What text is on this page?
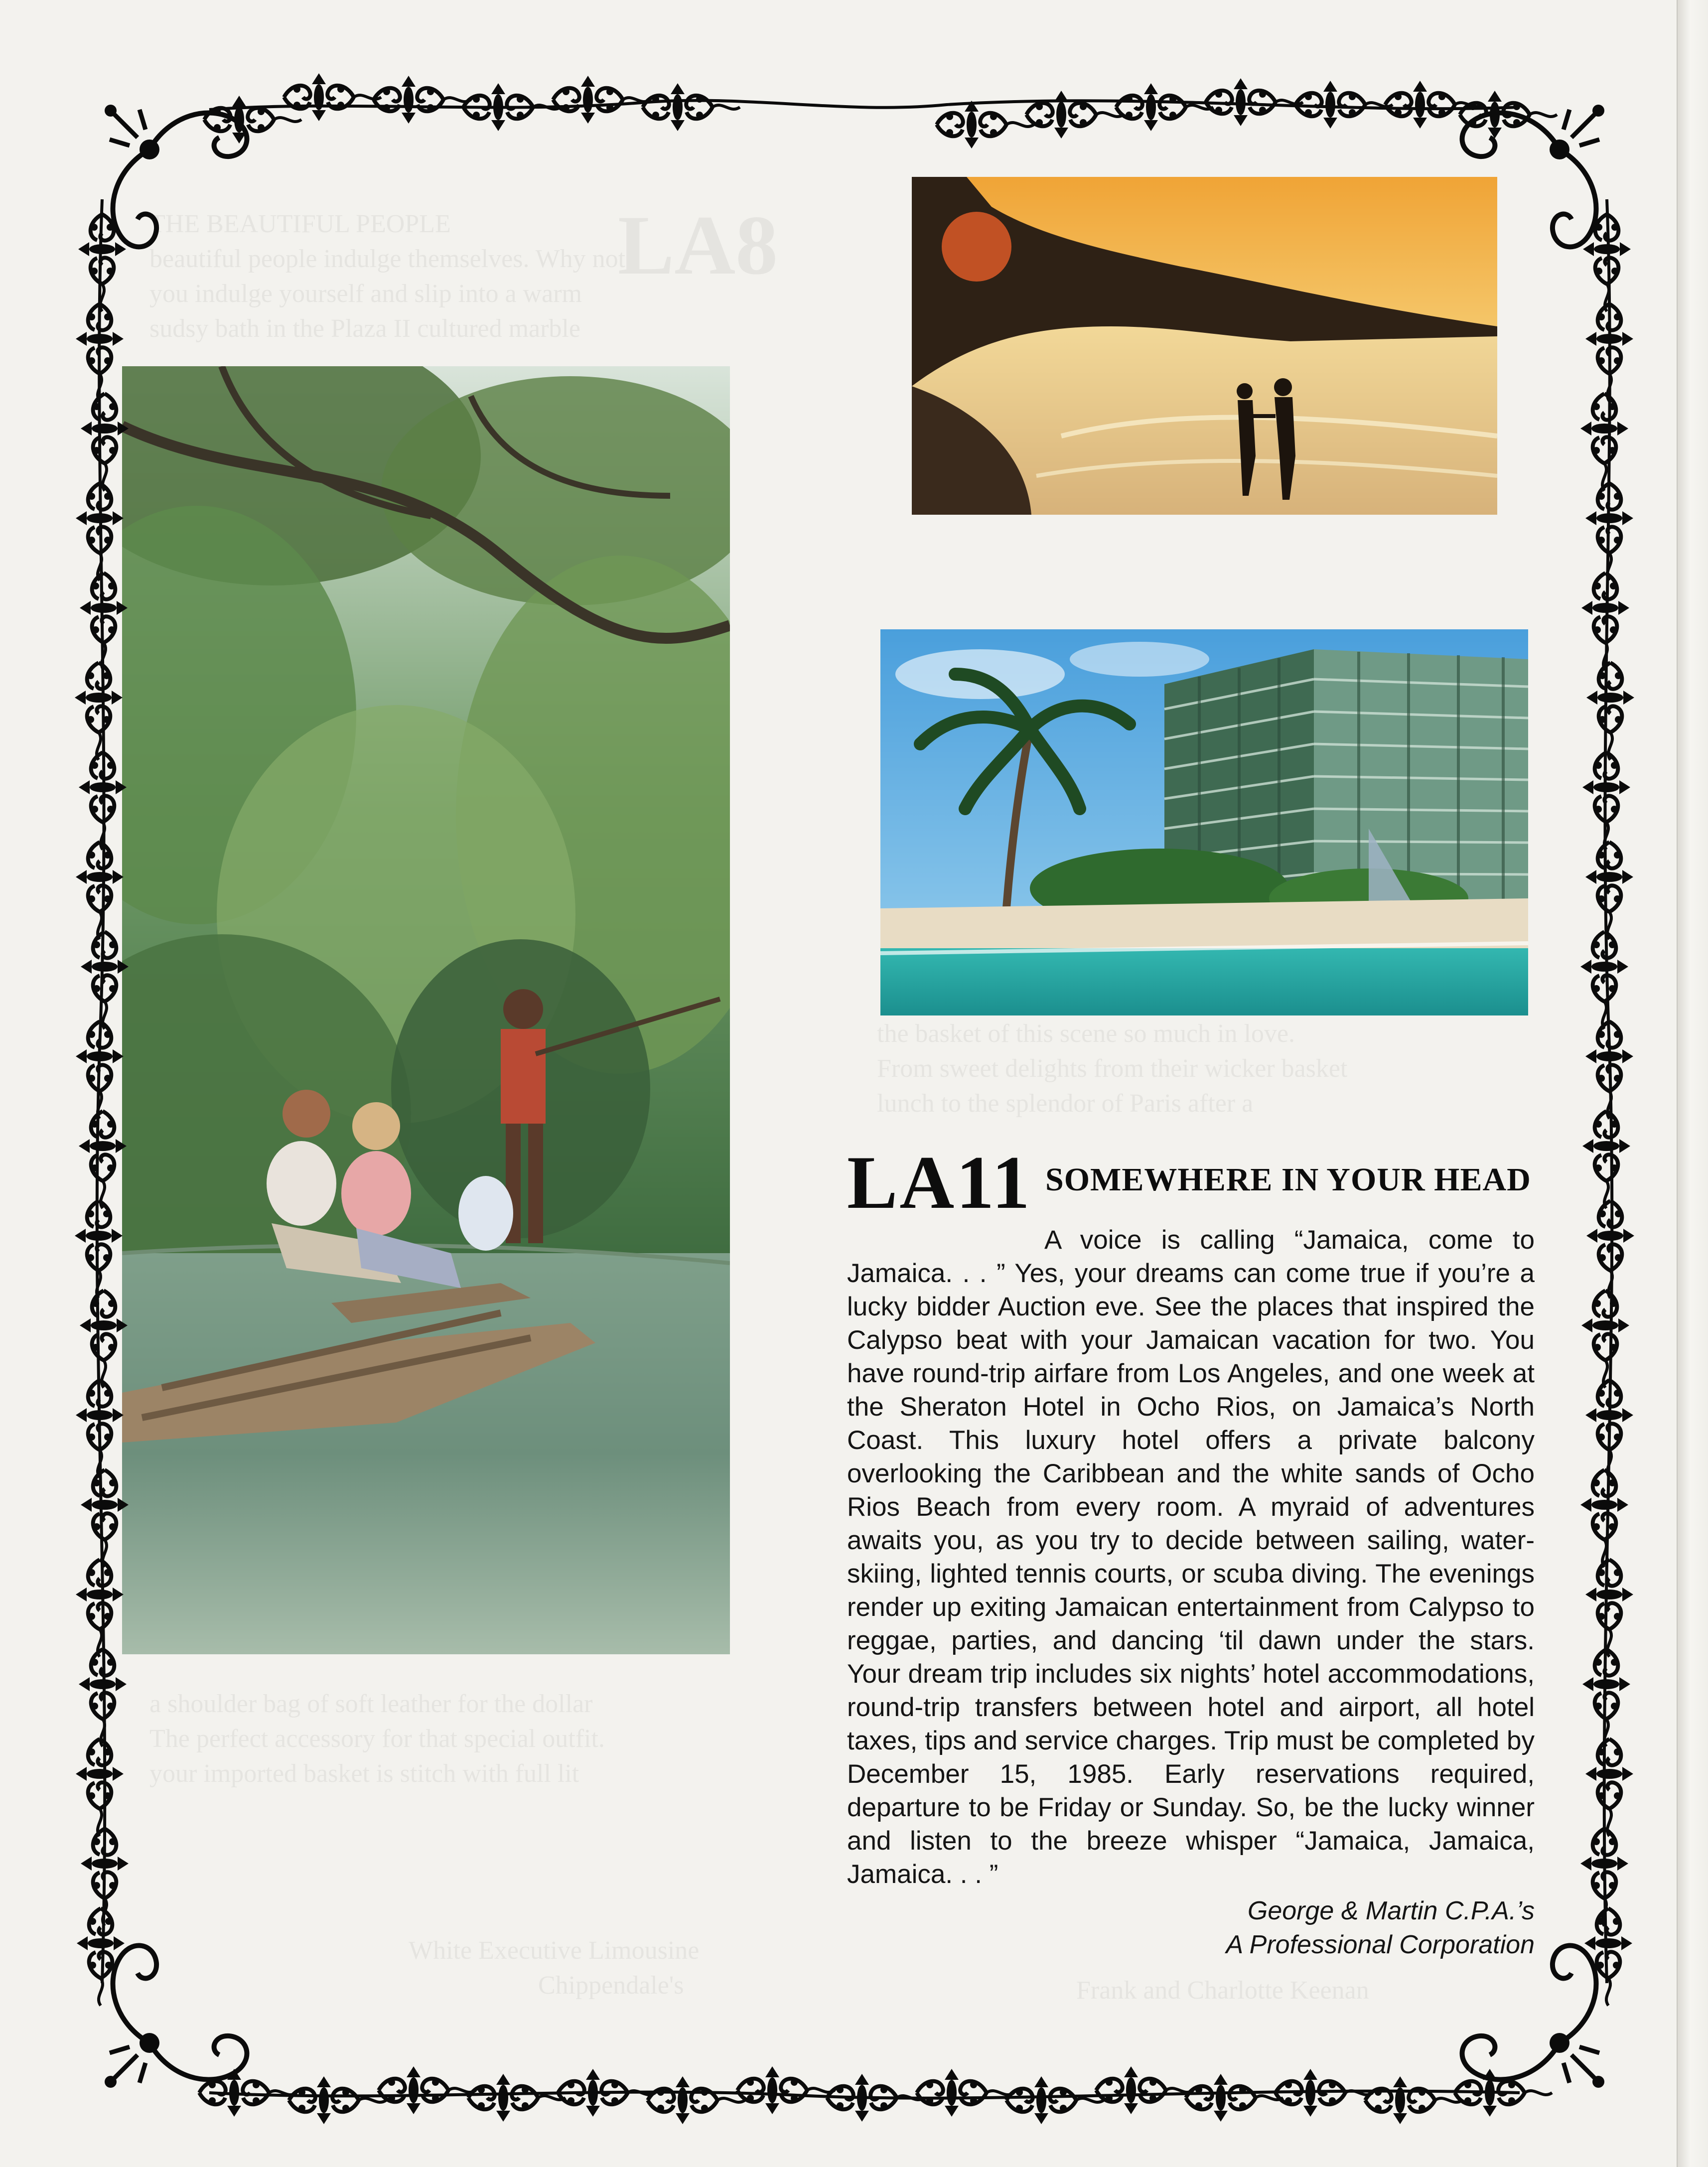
LA8
THE BEAUTIFUL PEOPLE
beautiful people indulge themselves. Why not
you indulge yourself and slip into a warm
sudsy bath in the Plaza II cultured marble
the basket of this scene so much in love.
From sweet delights from their wicker basket
lunch to the splendor of Paris after a
a shoulder bag of soft leather for the dollar
The perfect accessory for that special outfit.
your imported basket is stitch with full lit
White Executive Limousine
Chippendale's	Frank and Charlotte Keenan
LA11 SOMEWHERE IN YOUR HEAD

A voice is calling “Jamaica, come to Jamaica. . . ” Yes, your dreams can come true if you’re a lucky bidder Auction eve. See the places that inspired the Calypso beat with your Jamaican vacation for two. You have round-trip airfare from Los Angeles, and one week at the Sheraton Hotel in Ocho Rios, on Jamaica’s North Coast. This luxury hotel offers a private balcony overlooking the Caribbean and the white sands of Ocho Rios Beach from every room. A myraid of adventures awaits you, as you try to decide between sailing, water-skiing, lighted tennis courts, or scuba diving. The evenings render up exiting Jamaican entertainment from Calypso to reggae, parties, and dancing ‘til dawn under the stars. Your dream trip includes six nights’ hotel accommodations, round-trip transfers between hotel and airport, all hotel taxes, tips and service charges. Trip must be completed by December 15, 1985. Early reservations required, departure to be Friday or Sunday. So, be the lucky winner and listen to the breeze whisper “Jamaica, Jamaica, Jamaica. . . ”

George & Martin C.P.A.’s
A Professional Corporation
